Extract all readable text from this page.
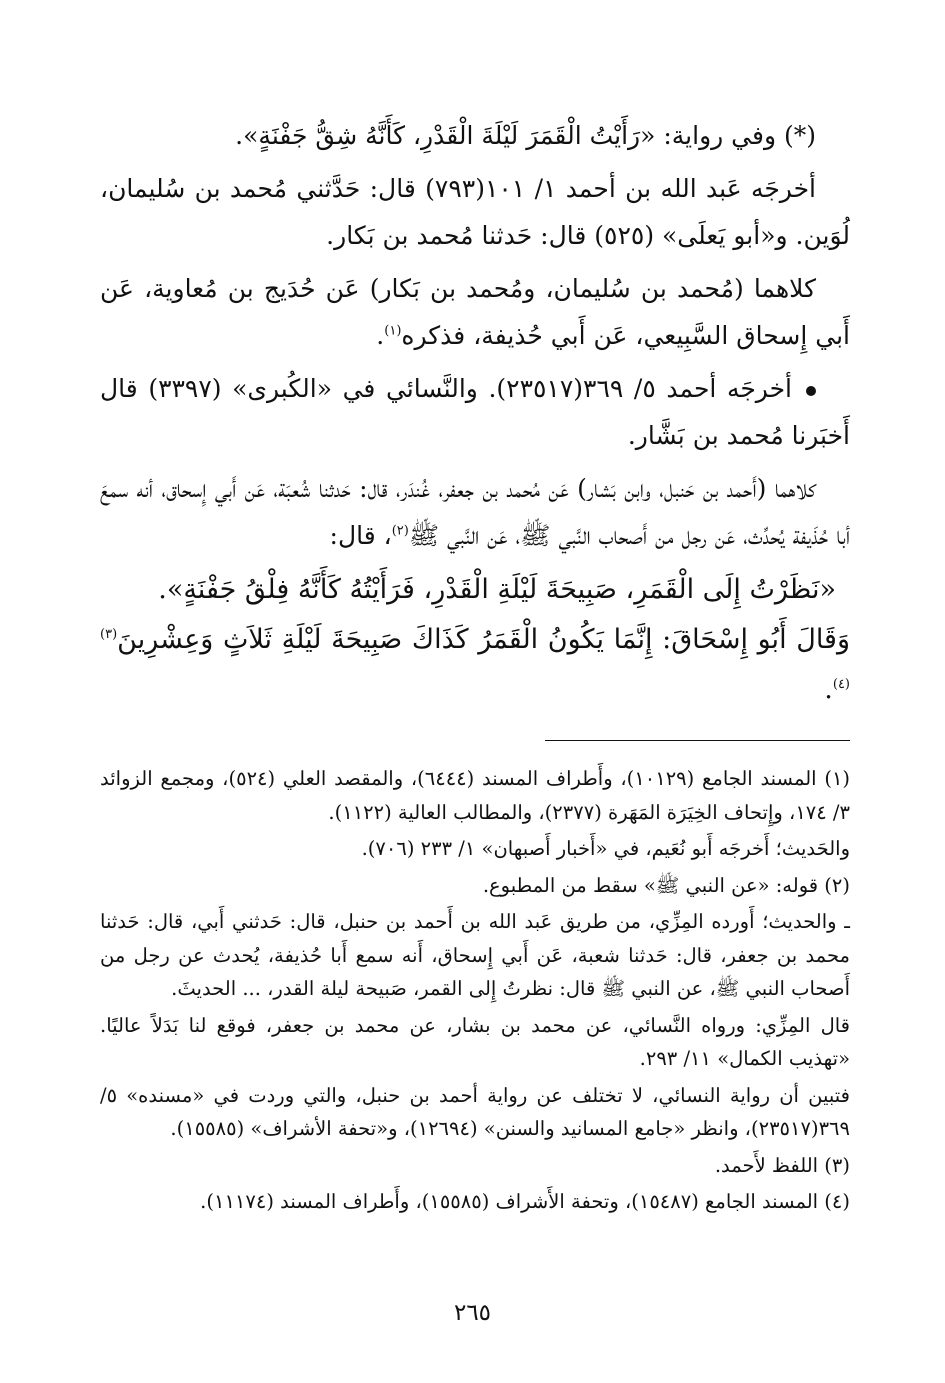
(*) وفي رواية: «رَأَيْتُ الْقَمَرَ لَيْلَةَ الْقَدْرِ، كَأَنَّهُ شِقُّ جَفْنَةٍ».

أخرجَه عَبد الله بن أحمد ١/ ١٠١(٧٩٣) قال: حَدَّثني مُحمد بن سُليمان، لُوَين. و«أبو يَعلَى» (٥٢٥) قال: حَدثنا مُحمد بن بَكار.

كلاهما (مُحمد بن سُليمان، ومُحمد بن بَكار) عَن حُدَيج بن مُعاوية، عَن أَبي إِسحاق السَّبِيعي، عَن أَبي حُذيفة، فذكره$^{(١)}$.

أخرجَه أحمد ٥/ ٣٦٩(٢٣٥١٧). والنَّسائي في «الكُبرى» (٣٣٩٧) قال أَخبَرنا مُحمد بن بَشَّار.

كلاهما (أَحمد بن حَنبل، وابن بَشار) عَن مُحمد بن جعفر، غُندَر، قال: حَدثنا شُعبَة، عَن أَبي إِسحاق، أنه سمعَ أبا حُذَيفة يُحدِّث، عَن رجل من أَصحاب النَّبي ﷺ، عَن النَّبي ﷺ$^{(٢)}$، قال:

«نَظَرْتُ إِلَى الْقَمَرِ، صَبِيحَةَ لَيْلَةِ الْقَدْرِ، فَرَأَيْتُهُ كَأَنَّهُ فِلْقُ جَفْنَةٍ».

وَقَالَ أَبُو إِسْحَاقَ: إِنَّمَا يَكُونُ الْقَمَرُ كَذَاكَ صَبِيحَةَ لَيْلَةِ ثَلاَثٍ وَعِشْرِينَ$^{(٣)(٤)}$.

(١) المسند الجامع (١٠١٢٩)، وأَطراف المسند (٦٤٤٤)، والمقصد العلي (٥٢٤)، ومجمع الزوائد ٣/ ١٧٤، وإِتحاف الخِيَرَة المَهَرة (٢٣٧٧)، والمطالب العالية (١١٢٢).

والحَديث؛ أَخرجَه أَبو نُعَيم، في «أَخبار أَصبهان» ١/ ٢٣٣ (٧٠٦).

(٢) قوله: «عن النبي ﷺ» سقط من المطبوع.

ـ والحديث؛ أَورده المِزِّي، من طريق عَبد الله بن أَحمد بن حنبل، قال: حَدثني أَبي، قال: حَدثنا محمد بن جعفر، قال: حَدثنا شعبة، عَن أَبي إِسحاق، أَنه سمع أَبا حُذيفة، يُحدث عن رجل من أَصحاب النبي ﷺ، عن النبي ﷺ قال: نظرتُ إِلى القمر، صَبيحة ليلة القدر، ... الحديثَ.

قال المِزِّي: ورواه النَّسائي، عن محمد بن بشار، عن محمد بن جعفر، فوقع لنا بَدَلاً عاليًا. «تهذيب الكمال» ١١/ ٢٩٣.

فتبين أن رواية النسائي، لا تختلف عن رواية أحمد بن حنبل، والتي وردت في «مسنده» ٥/ ٣٦٩(٢٣٥١٧)، وانظر «جامع المسانيد والسنن» (١٢٦٩٤)، و«تحفة الأشراف» (١٥٥٨٥).

(٣) اللفظ لأَحمد.

(٤) المسند الجامع (١٥٤٨٧)، وتحفة الأَشراف (١٥٥٨٥)، وأَطراف المسند (١١١٧٤).

٢٦٥
